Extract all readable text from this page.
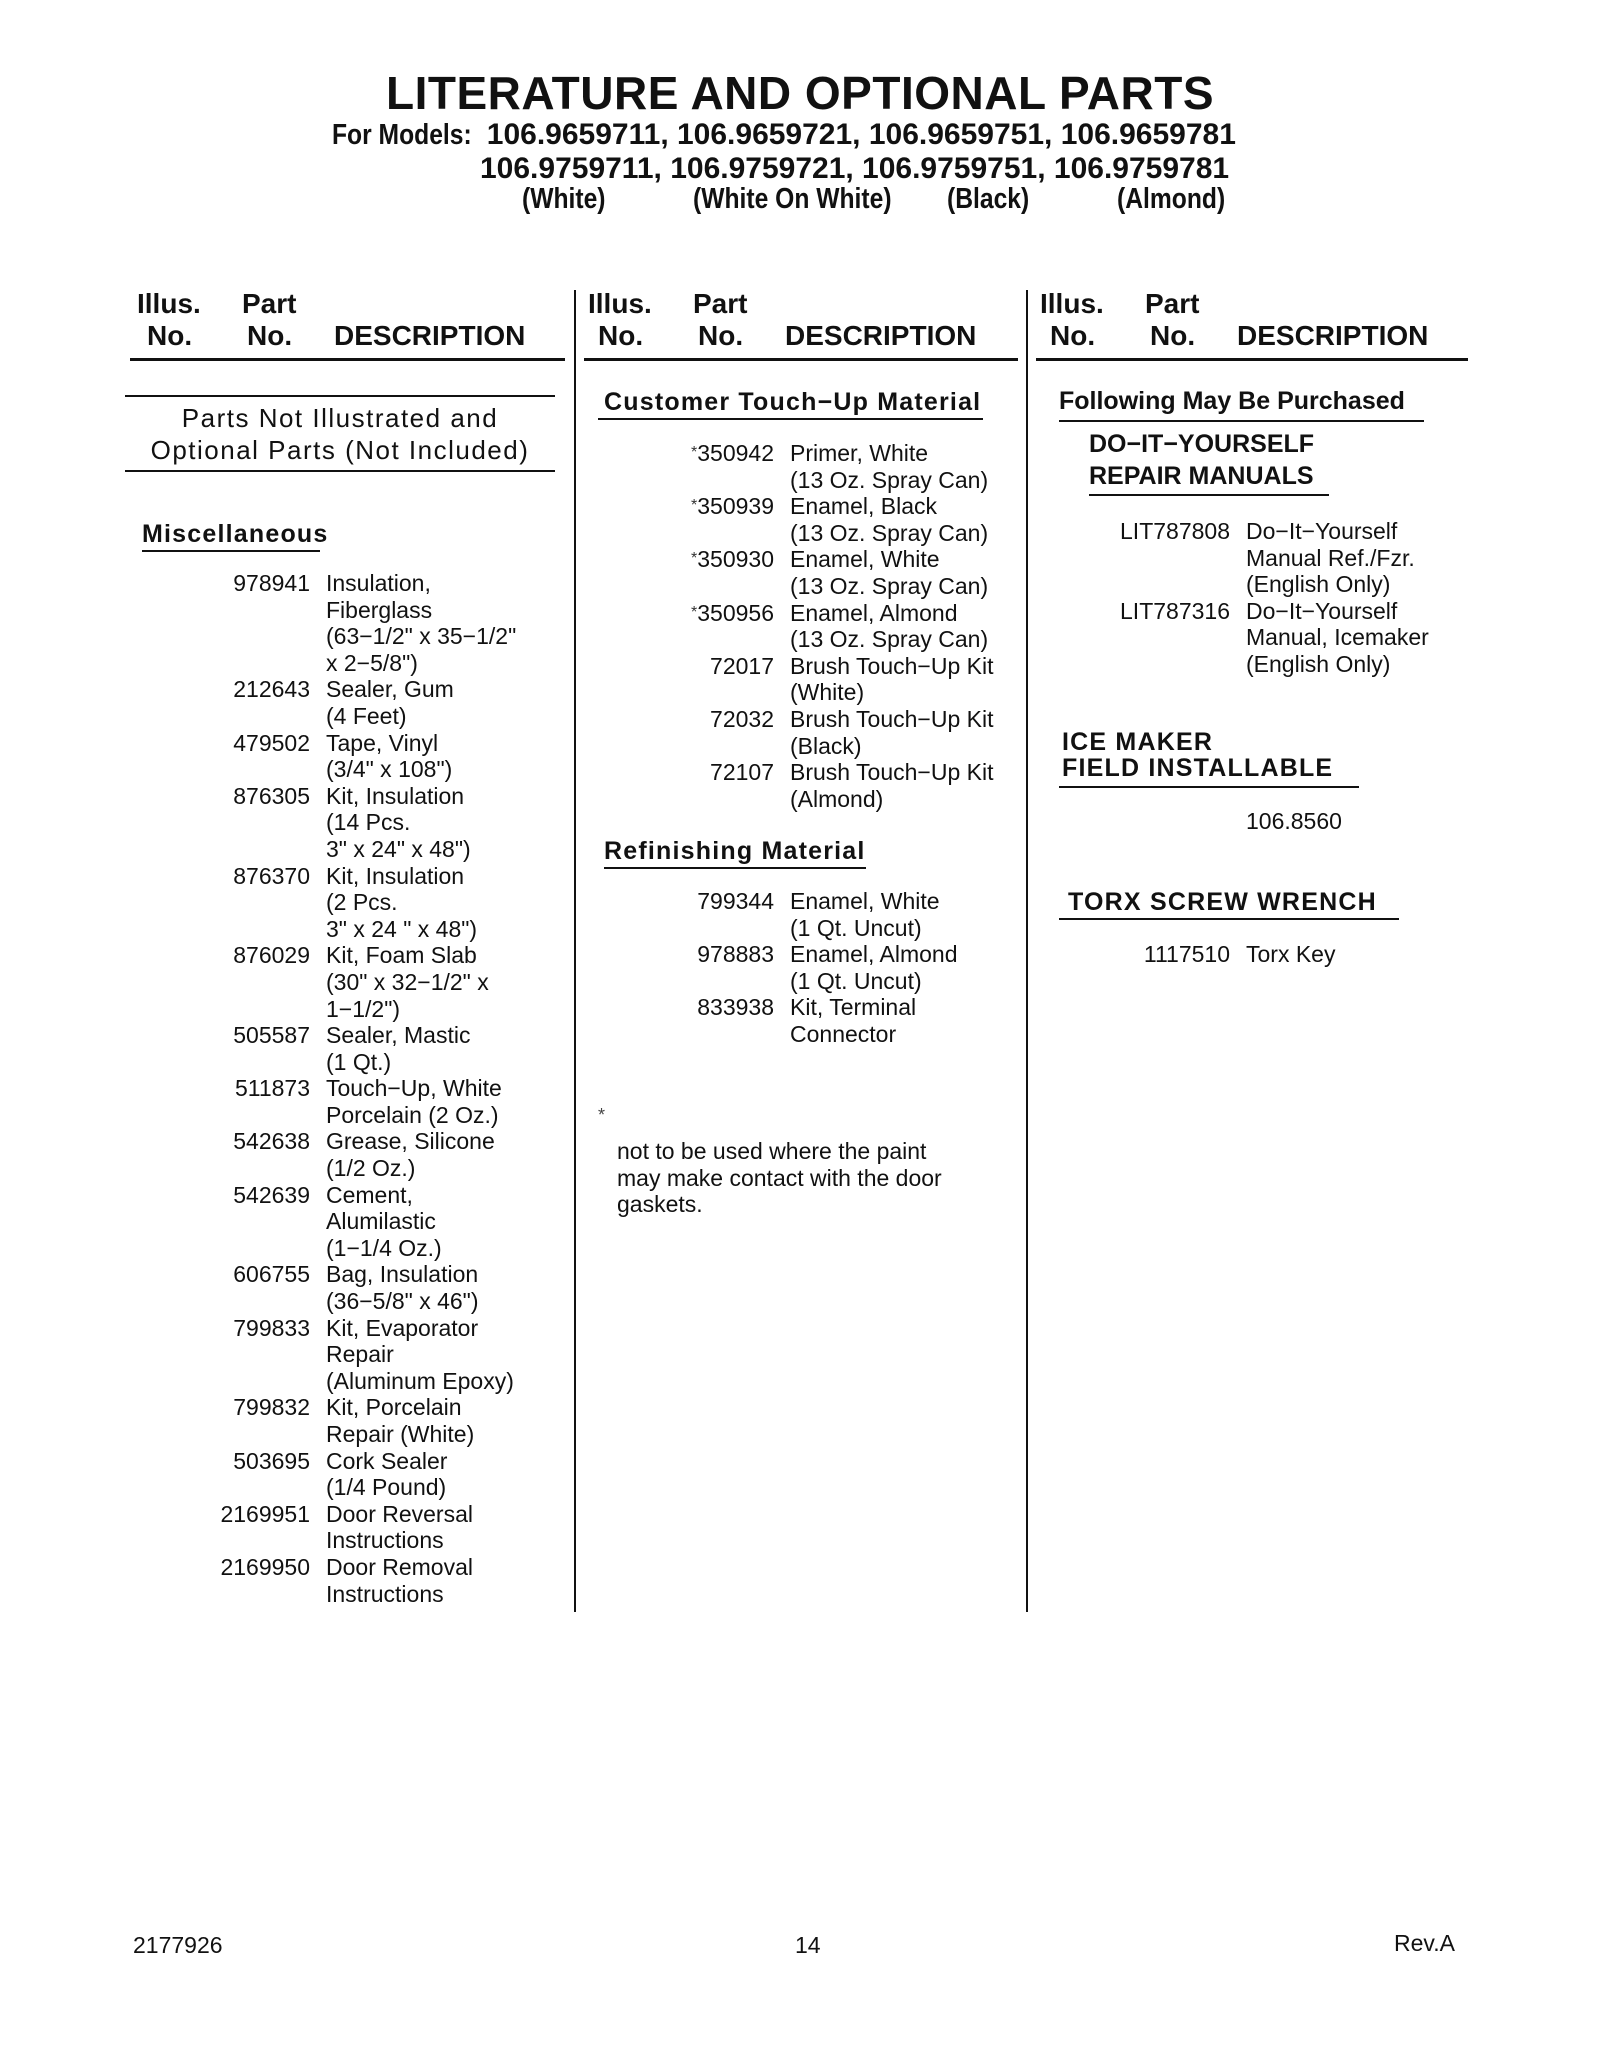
LITERATURE AND OPTIONAL PARTS
For Models: 106.9659711, 106.9659721, 106.9659751, 106.9659781
106.9759711, 106.9759721, 106.9759751, 106.9759781
(White)	(White On White) (Black)	(Almond)
Illus.
No.
Part
No. DESCRIPTION
Parts Not Illustrated and
Optional Parts (Not Included)
Miscellaneous
978941 Insulation,
Fiberglass
(63−1/2" x 35−1/2"
x 2−5/8")
212643 Sealer, Gum
(4 Feet)
479502 Tape, Vinyl
(3/4" x 108")
876305 Kit, Insulation
(14 Pcs.
3" x 24" x 48")
876370 Kit, Insulation
(2 Pcs.
3" x 24 " x 48")
876029 Kit, Foam Slab
(30" x 32−1/2" x
1−1/2")
505587 Sealer, Mastic
(1 Qt.)
511873 Touch−Up, White
Porcelain (2 Oz.)
542638 Grease, Silicone
(1/2 Oz.)
542639 Cement,
Alumilastic
(1−1/4 Oz.)
606755 Bag, Insulation
(36−5/8" x 46")
799833 Kit, Evaporator
Repair
(Aluminum Epoxy)
799832 Kit, Porcelain
Repair (White)
503695 Cork Sealer
(1/4 Pound)
2169951 Door Reversal
Instructions
2169950 Door Removal
Instructions
Illus.
No.
Part
No. DESCRIPTION
Customer Touch−Up Material
*350942 Primer, White
(13 Oz. Spray Can)
*350939 Enamel, Black
(13 Oz. Spray Can)
*350930 Enamel, White
(13 Oz. Spray Can)
*350956 Enamel, Almond
(13 Oz. Spray Can)
72017 Brush Touch−Up Kit
(White)
72032 Brush Touch−Up Kit
(Black)
72107 Brush Touch−Up Kit
(Almond)
Refinishing Material
799344 Enamel, White
(1 Qt. Uncut)
978883 Enamel, Almond
(1 Qt. Uncut)
833938 Kit, Terminal
Connector
*
not to be used where the paint
may make contact with the door
gaskets.
Illus.
No.
Part
No. DESCRIPTION
Following May Be Purchased
DO−IT−YOURSELF
REPAIR MANUALS
LIT787808 Do−It−Yourself
Manual Ref./Fzr.
(English Only)
LIT787316 Do−It−Yourself
Manual, Icemaker
(English Only)
ICE MAKER
FIELD INSTALLABLE
106.8560
TORX SCREW WRENCH
1117510 Torx Key
2177926	14	Rev.A
